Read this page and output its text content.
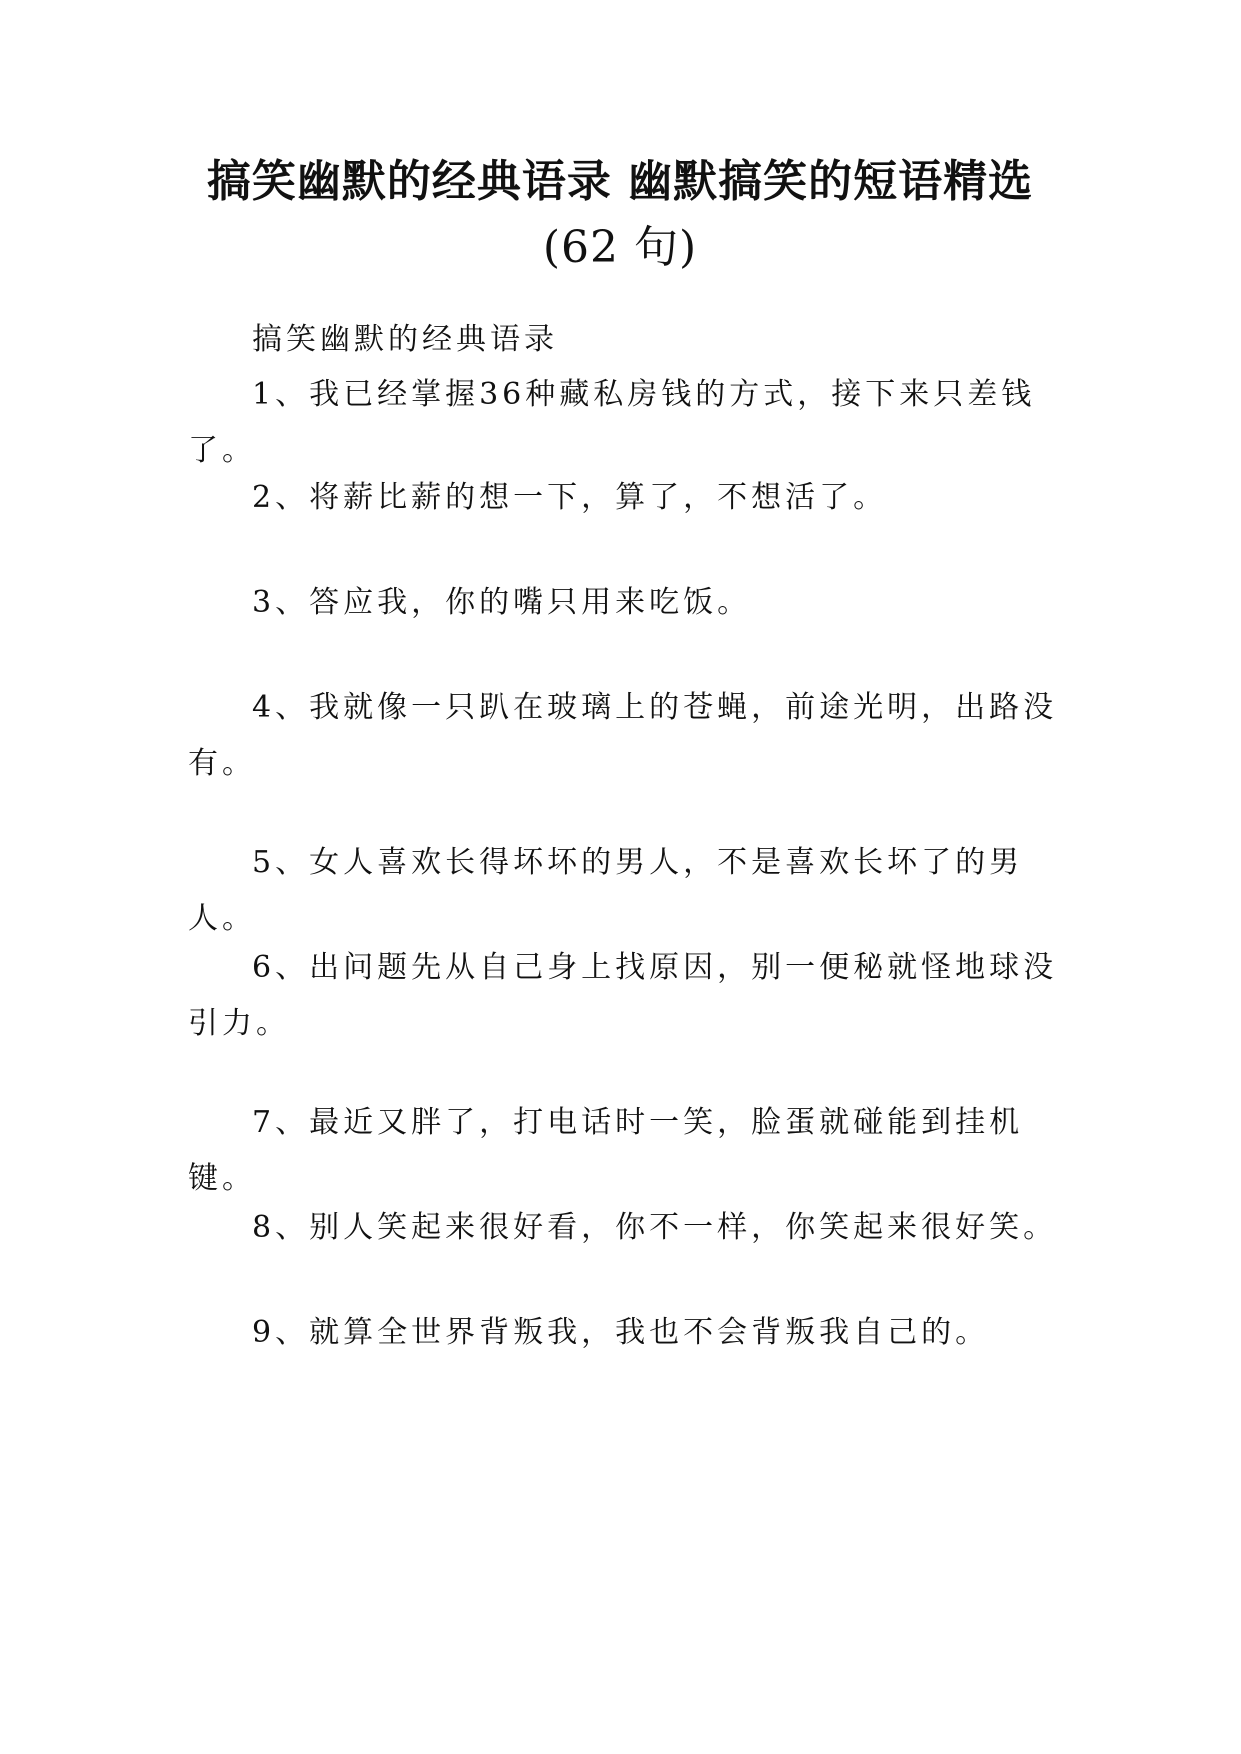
搞笑幽默的经典语录 幽默搞笑的短语精选
(62 句)

搞笑幽默的经典语录

1、我已经掌握36种藏私房钱的方式，接下来只差钱了。

2、将薪比薪的想一下，算了，不想活了。

3、答应我，你的嘴只用来吃饭。

4、我就像一只趴在玻璃上的苍蝇，前途光明，出路没有。

5、女人喜欢长得坏坏的男人，不是喜欢长坏了的男人。

6、出问题先从自己身上找原因，别一便秘就怪地球没引力。

7、最近又胖了，打电话时一笑，脸蛋就碰能到挂机键。

8、别人笑起来很好看，你不一样，你笑起来很好笑。

9、就算全世界背叛我，我也不会背叛我自己的。
